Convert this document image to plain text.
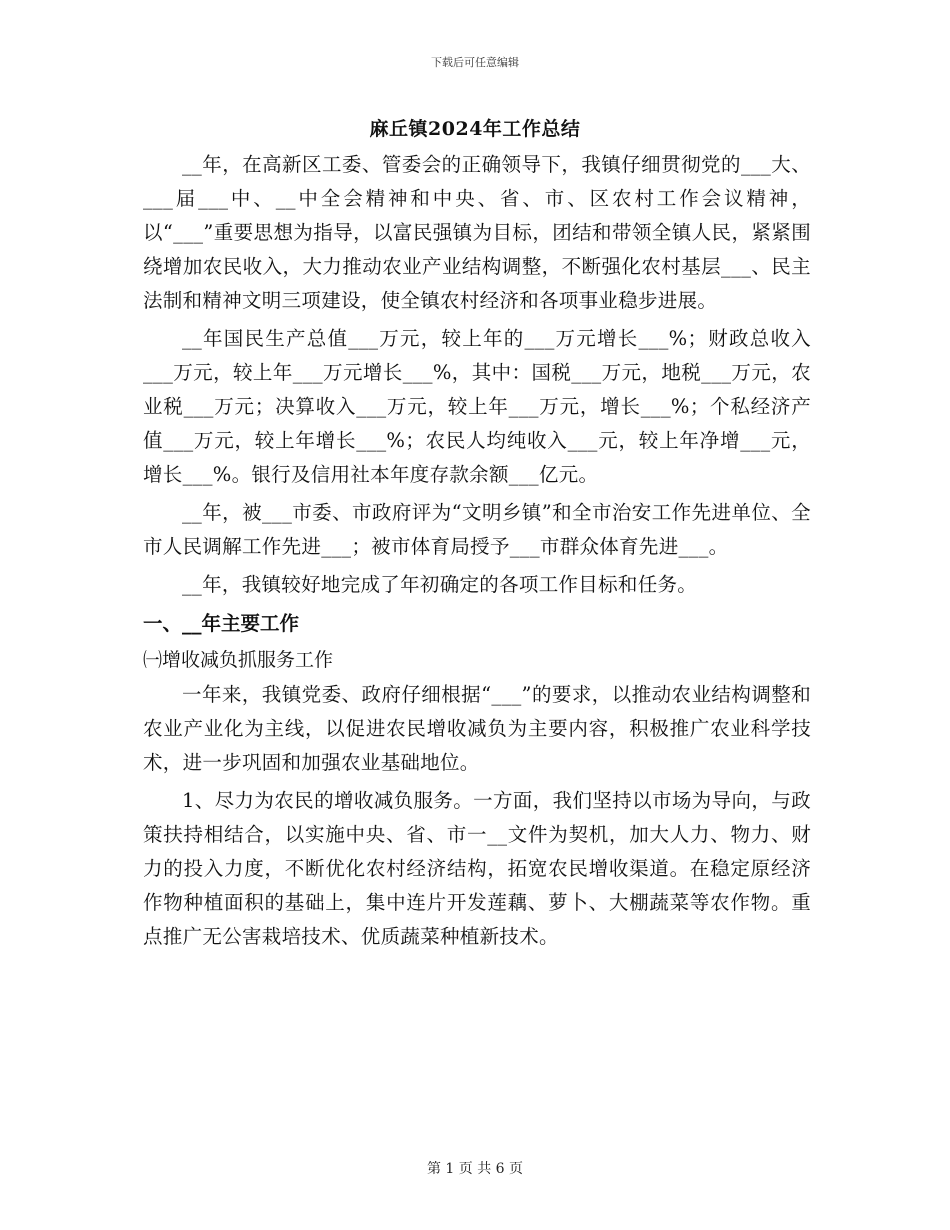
下载后可任意编辑
麻丘镇2024年工作总结

__年，在高新区工委、管委会的正确领导下，我镇仔细贯彻党的___大、___届___中、__中全会精神和中央、省、市、区农村工作会议精神，以“___”重要思想为指导，以富民强镇为目标，团结和带领全镇人民，紧紧围绕增加农民收入，大力推动农业产业结构调整，不断强化农村基层___、民主法制和精神文明三项建设，使全镇农村经济和各项事业稳步进展。

__年国民生产总值___万元，较上年的___万元增长___%；财政总收入___万元，较上年___万元增长___%，其中：国税___万元，地税___万元，农业税___万元；决算收入___万元，较上年___万元，增长___%；个私经济产值___万元，较上年增长___%；农民人均纯收入___元，较上年净增___元，增长___%。银行及信用社本年度存款余额___亿元。

__年，被___市委、市政府评为“文明乡镇”和全市治安工作先进单位、全市人民调解工作先进___；被市体育局授予___市群众体育先进___。

__年，我镇较好地完成了年初确定的各项工作目标和任务。

一、__年主要工作

㈠增收减负抓服务工作

一年来，我镇党委、政府仔细根据“___”的要求，以推动农业结构调整和农业产业化为主线，以促进农民增收减负为主要内容，积极推广农业科学技术，进一步巩固和加强农业基础地位。

1、尽力为农民的增收减负服务。一方面，我们坚持以市场为导向，与政策扶持相结合，以实施中央、省、市一__文件为契机，加大人力、物力、财力的投入力度，不断优化农村经济结构，拓宽农民增收渠道。在稳定原经济作物种植面积的基础上，集中连片开发莲藕、萝卜、大棚蔬菜等农作物。重点推广无公害栽培技术、优质蔬菜种植新技术。

第 1 页 共 6 页
